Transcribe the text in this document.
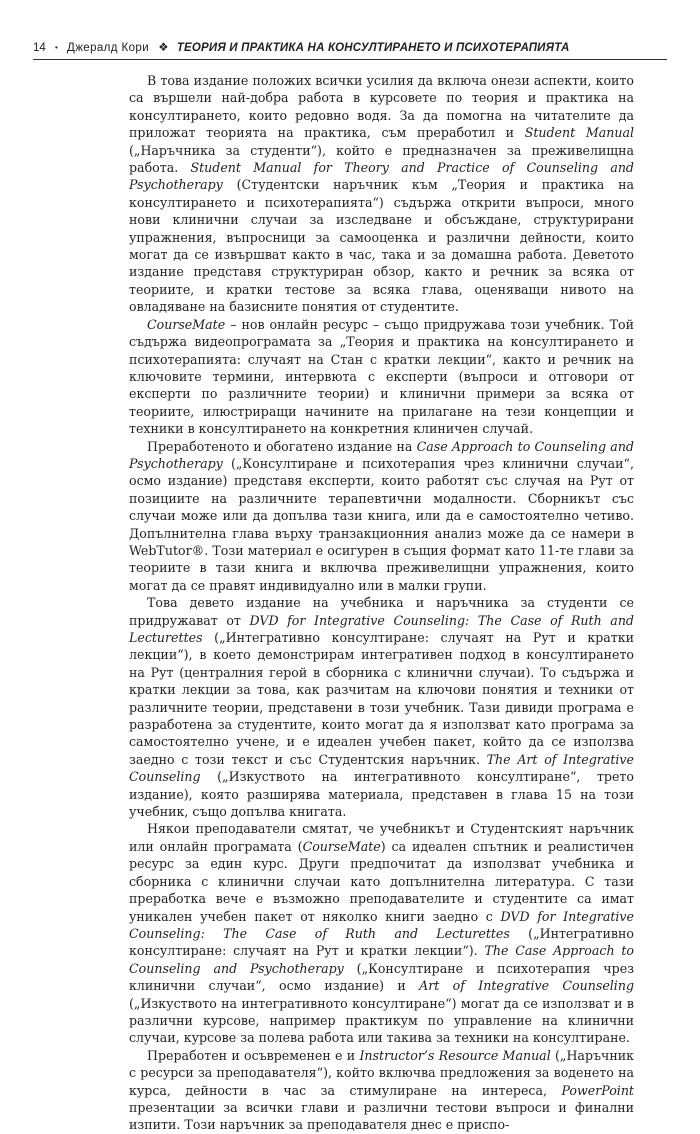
14 • Джералд Кори ❖ ТЕОРИЯ И ПРАКТИКА НА КОНСУЛТИРАНЕТО И ПСИХОТЕРАПИЯТА

В това издание положих всички усилия да включа онези аспекти, които са вършели най-добра работа в курсовете по теория и практика на консултирането, които редовно водя. За да помогна на читателите да приложат теорията на практика, съм преработил и Student Manual („Наръчника за студенти“), който е предназначен за преживелищна работа. Student Manual for Theory and Practice of Counseling and Psychotherapy (Студентски наръчник към „Теория и практика на консултирането и психотерапията“) съдържа открити въпроси, много нови клинични случаи за изследване и обсъждане, структурирани упражнения, въпросници за самооценка и различни дейности, които могат да се извършват както в час, така и за домашна работа. Деветото издание представя структуриран обзор, както и речник за всяка от теориите, и кратки тестове за всяка глава, оценяващи нивото на овладяване на базисните понятия от студентите.

CourseMate – нов онлайн ресурс – също придружава този учебник. Той съдържа видеопрограмата за „Теория и практика на консултирането и психотерапията: случаят на Стан с кратки лекции“, както и речник на ключовите термини, интервюта с експерти (въпроси и отговори от експерти по различните теории) и клинични примери за всяка от теориите, илюстриращи начините на прилагане на тези концепции и техники в консултирането на конкретния клиничен случай.

Преработеното и обогатено издание на Case Approach to Counseling and Psychotherapy („Консултиране и психотерапия чрез клинични случаи“, осмо издание) представя експерти, които работят със случая на Рут от позициите на различните терапевтични модалности. Сборникът със случаи може или да допълва тази книга, или да е самостоятелно четиво. Допълнителна глава върху транзакционния анализ може да се намери в WebTutor®. Този материал е осигурен в същия формат като 11-те глави за теориите в тази книга и включва преживелищни упражнения, които могат да се правят индивидуално или в малки групи.

Това девето издание на учебника и наръчника за студенти се придружават от DVD for Integrative Counseling: The Case of Ruth and Lecturettes („Интегративно консултиране: случаят на Рут и кратки лекции“), в което демонстрирам интегративен подход в консултирането на Рут (централния герой в сборника с клинични случаи). То съдържа и кратки лекции за това, как разчитам на ключови понятия и техники от различните теории, представени в този учебник. Тази дивиди програма е разработена за студентите, които могат да я използват като програма за самостоятелно учене, и е идеален учебен пакет, който да се използва заедно с този текст и със Студентския наръчник. The Art of Integrative Counseling („Изкуството на интегративното консултиране“, трето издание), която разширява материала, представен в глава 15 на този учебник, също допълва книгата.

Някои преподаватели смятат, че учебникът и Студентският наръчник или онлайн програмата (CourseMate) са идеален спътник и реалистичен ресурс за един курс. Други предпочитат да използват учебника и сборника с клинични случаи като допълнителна литература. С тази преработка вече е възможно преподавателите и студентите са имат уникален учебен пакет от няколко книги заедно с DVD for Integrative Counseling: The Case of Ruth and Lecturettes („Интегративно консултиране: случаят на Рут и кратки лекции“). The Case Approach to Counseling and Psychotherapy („Консултиране и психотерапия чрез клинични случаи“, осмо издание) и Art of Integrative Counseling („Изкуството на интегративното консултиране“) могат да се използват и в различни курсове, например практикум по управление на клинични случаи, курсове за полева работа или такива за техники на консултиране.

Преработен и осъвременен е и Instructor’s Resource Manual („Наръчник с ресурси за преподавателя“), който включва предложения за воденето на курса, дейности в час за стимулиране на интереса, PowerPoint презентации за всички глави и различни тестови въпроси и финални изпити. Този наръчник за преподавателя днес е приспо-
